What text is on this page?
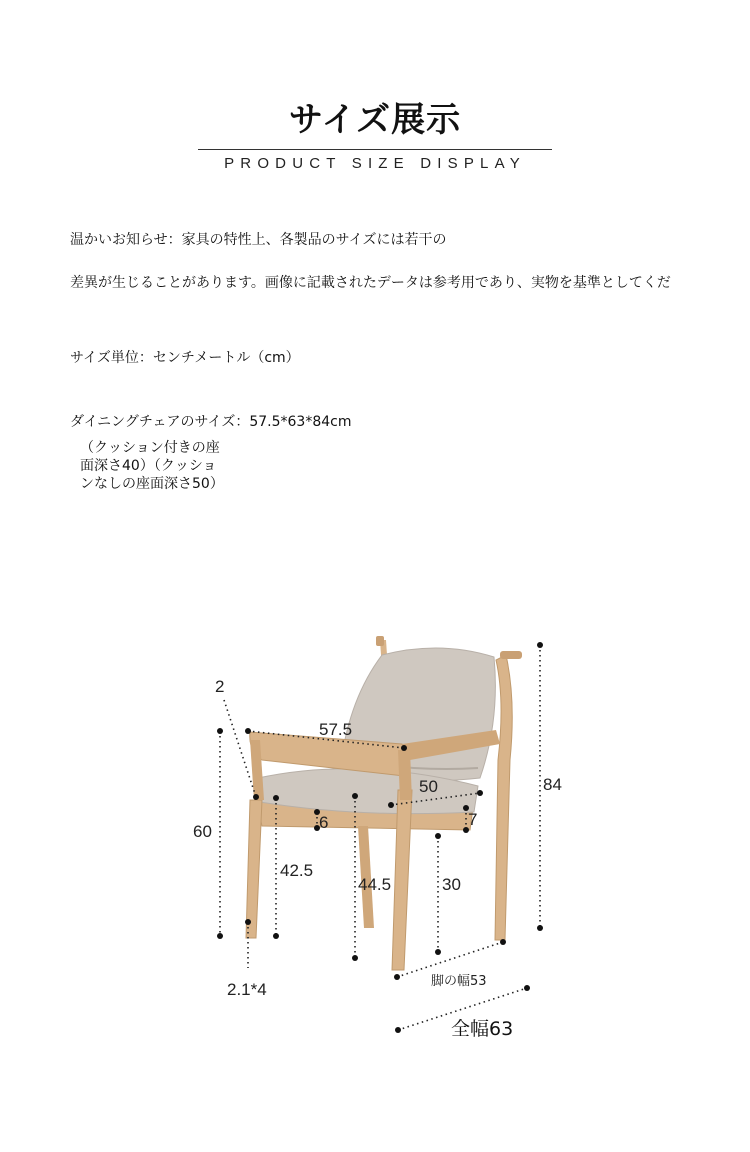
サイズ展示
PRODUCT SIZE DISPLAY
温かいお知らせ：家具の特性上、各製品のサイズには若干の
差異が生じることがあります。画像に記載されたデータは参考用であり、実物を基準としてくだ
サイズ単位：センチメートル（cm）
ダイニングチェアのサイズ：57.5*63*84cm
（クッション付きの座
面深さ40）（クッショ
ンなしの座面深さ50）
2
57.5
50	84
60	6	7
42.5
44.5	30
2.1*4	脚の幅53
全幅63
